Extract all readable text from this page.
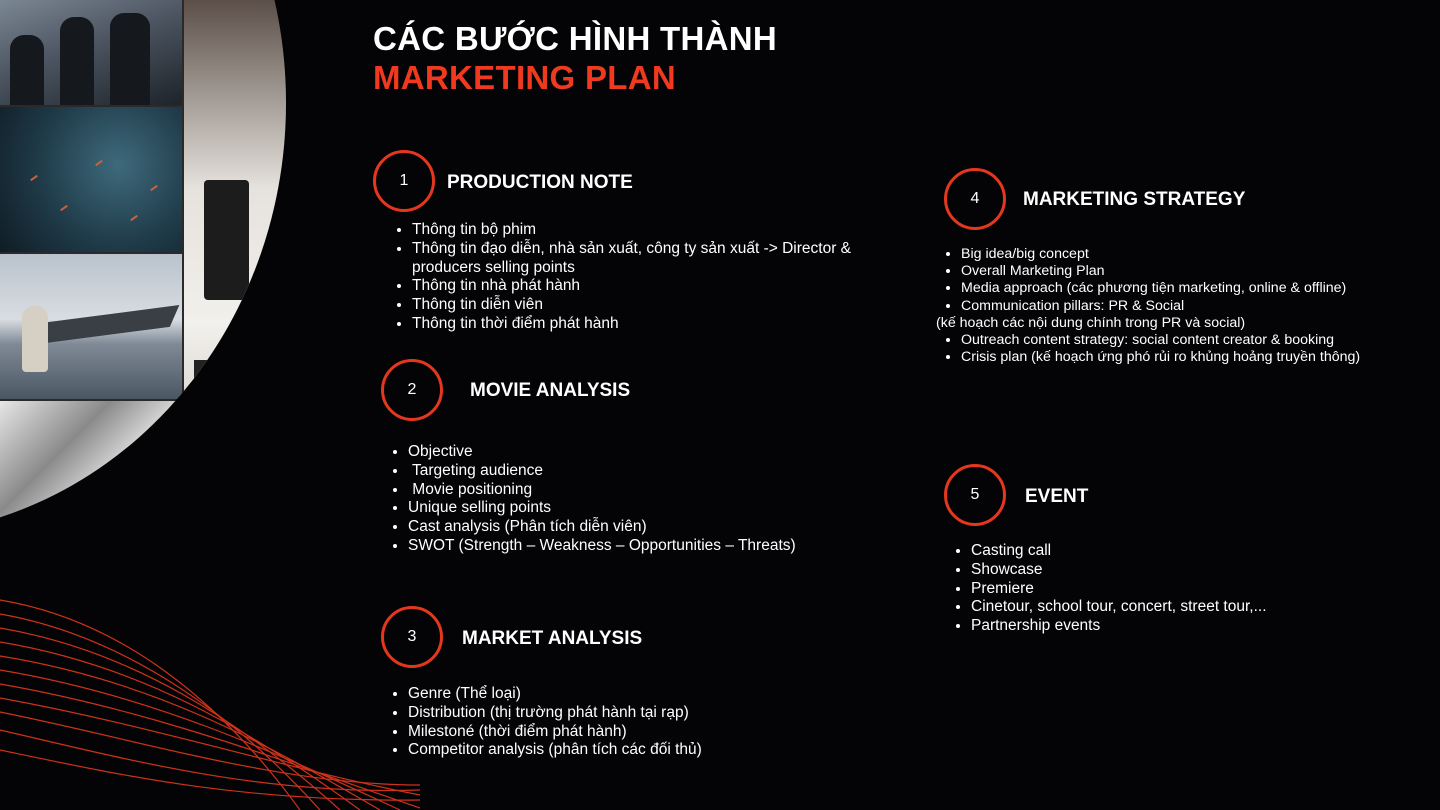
CÁC BƯỚC HÌNH THÀNH
MARKETING PLAN
1	PRODUCTION NOTE
• Thông tin bộ phim
• Thông tin đạo diễn, nhà sản xuất, công ty sản xuất -> Director & producers selling points
• Thông tin nhà phát hành
• Thông tin diễn viên
• Thông tin thời điểm phát hành
2	MOVIE ANALYSIS
• Objective
•  Targeting audience
•  Movie positioning
• Unique selling points
• Cast analysis (Phân tích diễn viên)
• SWOT (Strength – Weakness – Opportunities – Threats)
3	MARKET ANALYSIS
• Genre (Thể loại)
• Distribution (thị trường phát hành tại rạp)
• Milestoné (thời điểm phát hành)
• Competitor analysis (phân tích các đối thủ)
4	MARKETING STRATEGY
• Big idea/big concept
• Overall Marketing Plan
• Media approach (các phương tiện marketing, online & offline)
• Communication pillars: PR & Social
(kế hoạch các nội dung chính trong PR và social)
• Outreach content strategy: social content creator & booking
• Crisis plan (kế hoạch ứng phó rủi ro khủng hoảng truyền thông)
5	EVENT
• Casting call
• Showcase
• Premiere
• Cinetour, school tour, concert, street tour,...
• Partnership events
